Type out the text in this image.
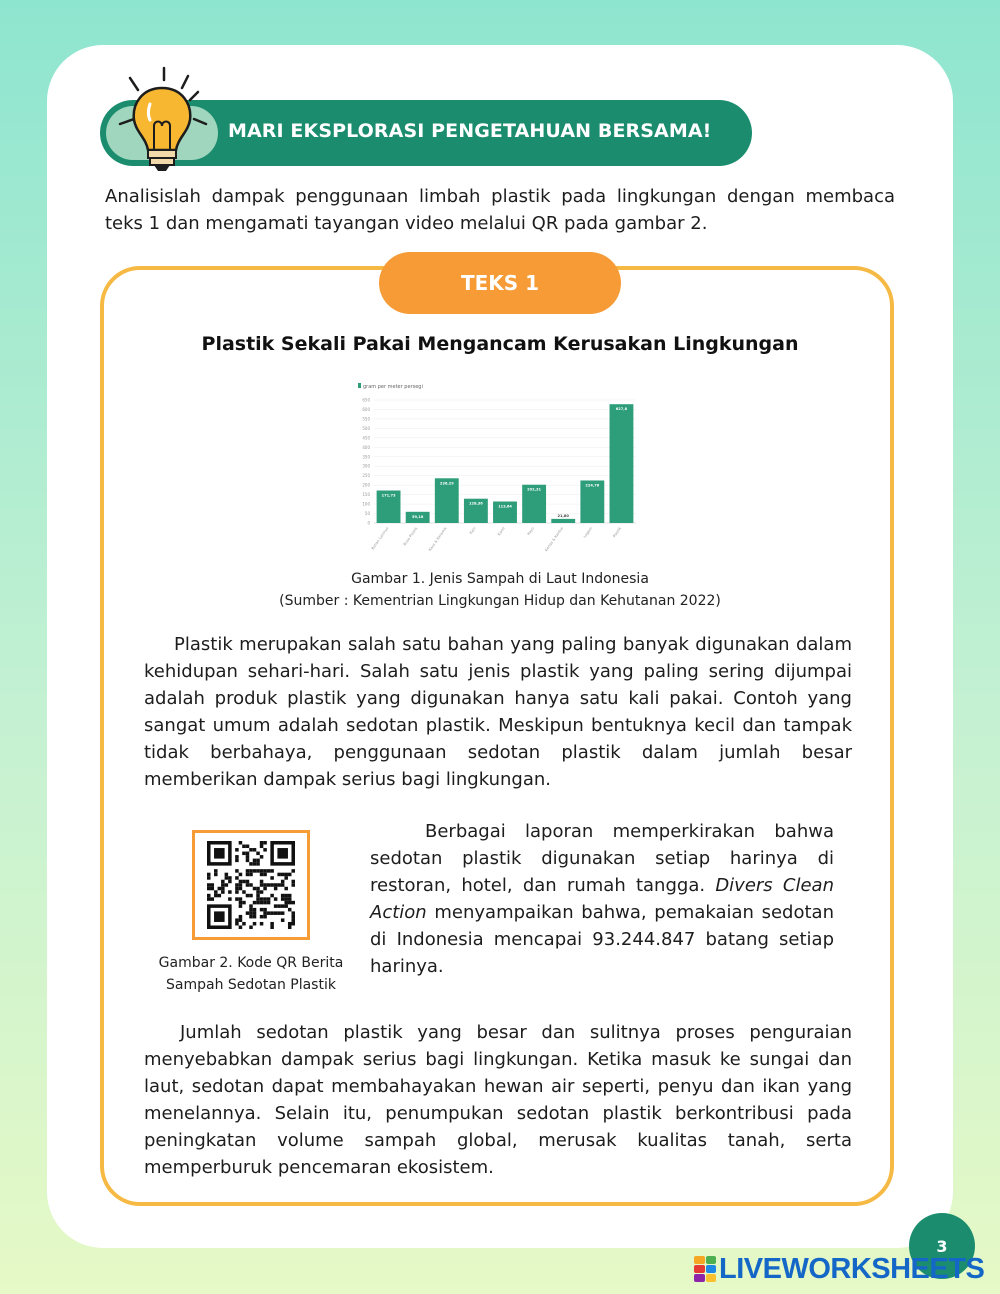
MARI EKSPLORASI PENGETAHUAN BERSAMA!

Analisislah dampak penggunaan limbah plastik pada lingkungan dengan membaca teks 1 dan mengamati tayangan video melalui QR pada gambar 2.

TEKS 1
Plastik Sekali Pakai Mengancam Kerusakan Lingkungan
gram per meter persegi
0
50
100
150
200
250
300
350
400
450
500
550
600
650
171,73
Bahan Lainnya
59,18
Busa Plastik
236,29
Kaca & Keramik
128,36
Kain
113,64
Karet
202,31
Kayu
21,80
Kertas & Kardus
224,76
Logam
627,8
Plastik

Gambar 1. Jenis Sampah di Laut Indonesia
(Sumber : Kementrian Lingkungan Hidup dan Kehutanan 2022)

Plastik merupakan salah satu bahan yang paling banyak digunakan dalam kehidupan sehari-hari. Salah satu jenis plastik yang paling sering dijumpai adalah produk plastik yang digunakan hanya satu kali pakai. Contoh yang sangat umum adalah sedotan plastik. Meskipun bentuknya kecil dan tampak tidak berbahaya, penggunaan sedotan plastik dalam jumlah besar memberikan dampak serius bagi lingkungan.

Gambar 2. Kode QR Berita
Sampah Sedotan Plastik

Berbagai laporan memperkirakan bahwa sedotan plastik digunakan setiap harinya di restoran, hotel, dan rumah tangga. Divers Clean Action menyampaikan bahwa, pemakaian sedotan di Indonesia mencapai 93.244.847 batang setiap harinya.

Jumlah sedotan plastik yang besar dan sulitnya proses penguraian menyebabkan dampak serius bagi lingkungan. Ketika masuk ke sungai dan laut, sedotan dapat membahayakan hewan air seperti, penyu dan ikan yang menelannya. Selain itu, penumpukan sedotan plastik berkontribusi pada peningkatan volume sampah global, merusak kualitas tanah, serta memperburuk pencemaran ekosistem.

3
LIVEWORKSHEETS
